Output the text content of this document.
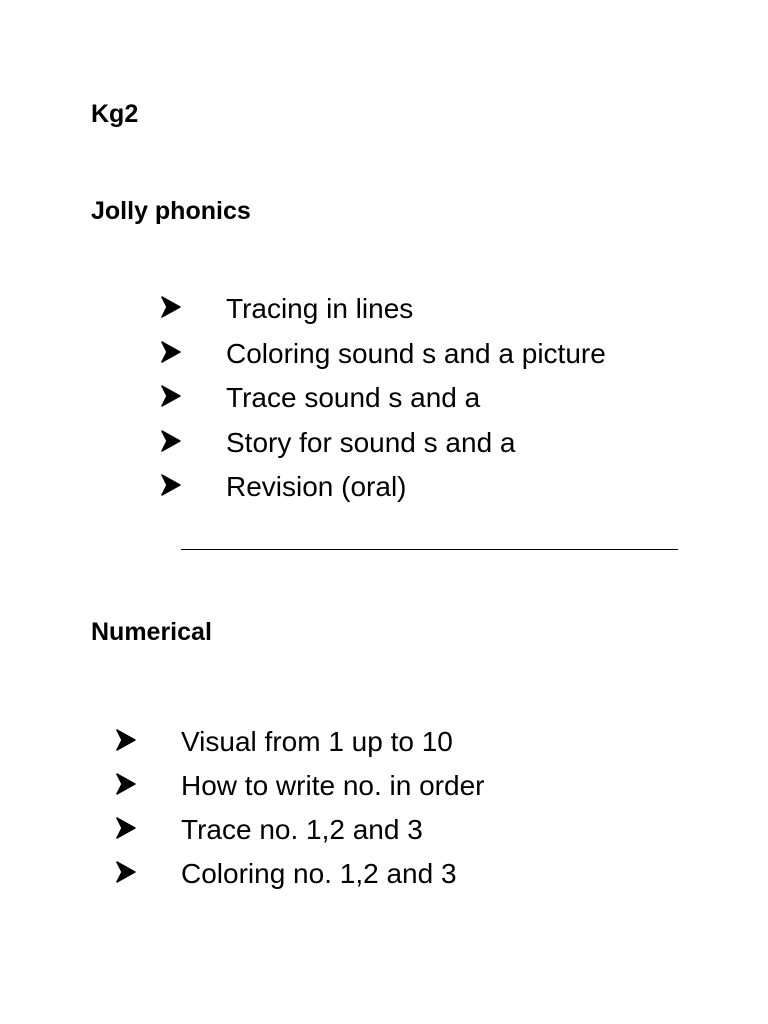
Kg2
Jolly phonics
Tracing in lines
Coloring sound s and a picture
Trace sound s and a
Story for sound s and a
Revision (oral)
Numerical
Visual from 1 up to 10
How to write no. in order
Trace no. 1,2 and 3
Coloring no. 1,2 and 3
